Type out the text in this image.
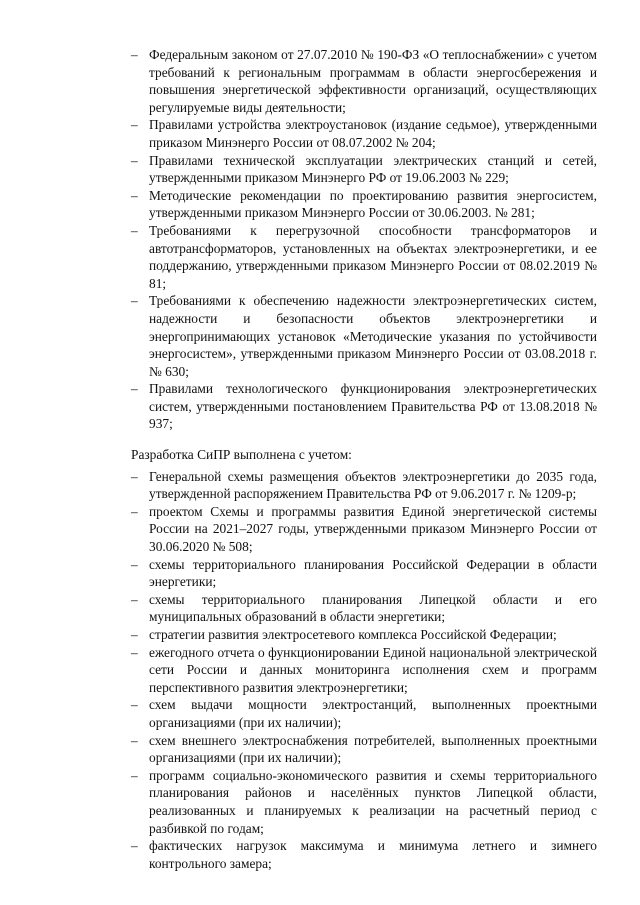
– Федеральным законом от 27.07.2010 № 190-ФЗ «О теплоснабжении» с учетом требований к региональным программам в области энергосбережения и повышения энергетической эффективности организаций, осуществляющих регулируемые виды деятельности;
– Правилами устройства электроустановок (издание седьмое), утвержденными приказом Минэнерго России от 08.07.2002 № 204;
– Правилами технической эксплуатации электрических станций и сетей, утвержденными приказом Минэнерго РФ от 19.06.2003 № 229;
– Методические рекомендации по проектированию развития энергосистем, утвержденными приказом Минэнерго России от 30.06.2003. № 281;
– Требованиями к перегрузочной способности трансформаторов и автотрансформаторов, установленных на объектах электроэнергетики, и ее поддержанию, утвержденными приказом Минэнерго России от 08.02.2019 № 81;
– Требованиями к обеспечению надежности электроэнергетических систем, надежности и безопасности объектов электроэнергетики и энергопринимающих установок «Методические указания по устойчивости энергосистем», утвержденными приказом Минэнерго России от 03.08.2018 г. № 630;
– Правилами технологического функционирования электроэнергетических систем, утвержденными постановлением Правительства РФ от 13.08.2018 № 937;

Разработка СиПР выполнена с учетом:

– Генеральной схемы размещения объектов электроэнергетики до 2035 года, утвержденной распоряжением Правительства РФ от 9.06.2017 г. № 1209-р;
– проектом Схемы и программы развития Единой энергетической системы России на 2021–2027 годы, утвержденными приказом Минэнерго России от 30.06.2020 № 508;
– схемы территориального планирования Российской Федерации в области энергетики;
– схемы территориального планирования Липецкой области и его муниципальных образований в области энергетики;
– стратегии развития электросетевого комплекса Российской Федерации;
– ежегодного отчета о функционировании Единой национальной электрической сети России и данных мониторинга исполнения схем и программ перспективного развития электроэнергетики;
– схем выдачи мощности электростанций, выполненных проектными организациями (при их наличии);
– схем внешнего электроснабжения потребителей, выполненных проектными организациями (при их наличии);
– программ социально-экономического развития и схемы территориального планирования районов и населённых пунктов Липецкой области, реализованных и планируемых к реализации на расчетный период с разбивкой по годам;
– фактических нагрузок максимума и минимума летнего и зимнего контрольного замера;
